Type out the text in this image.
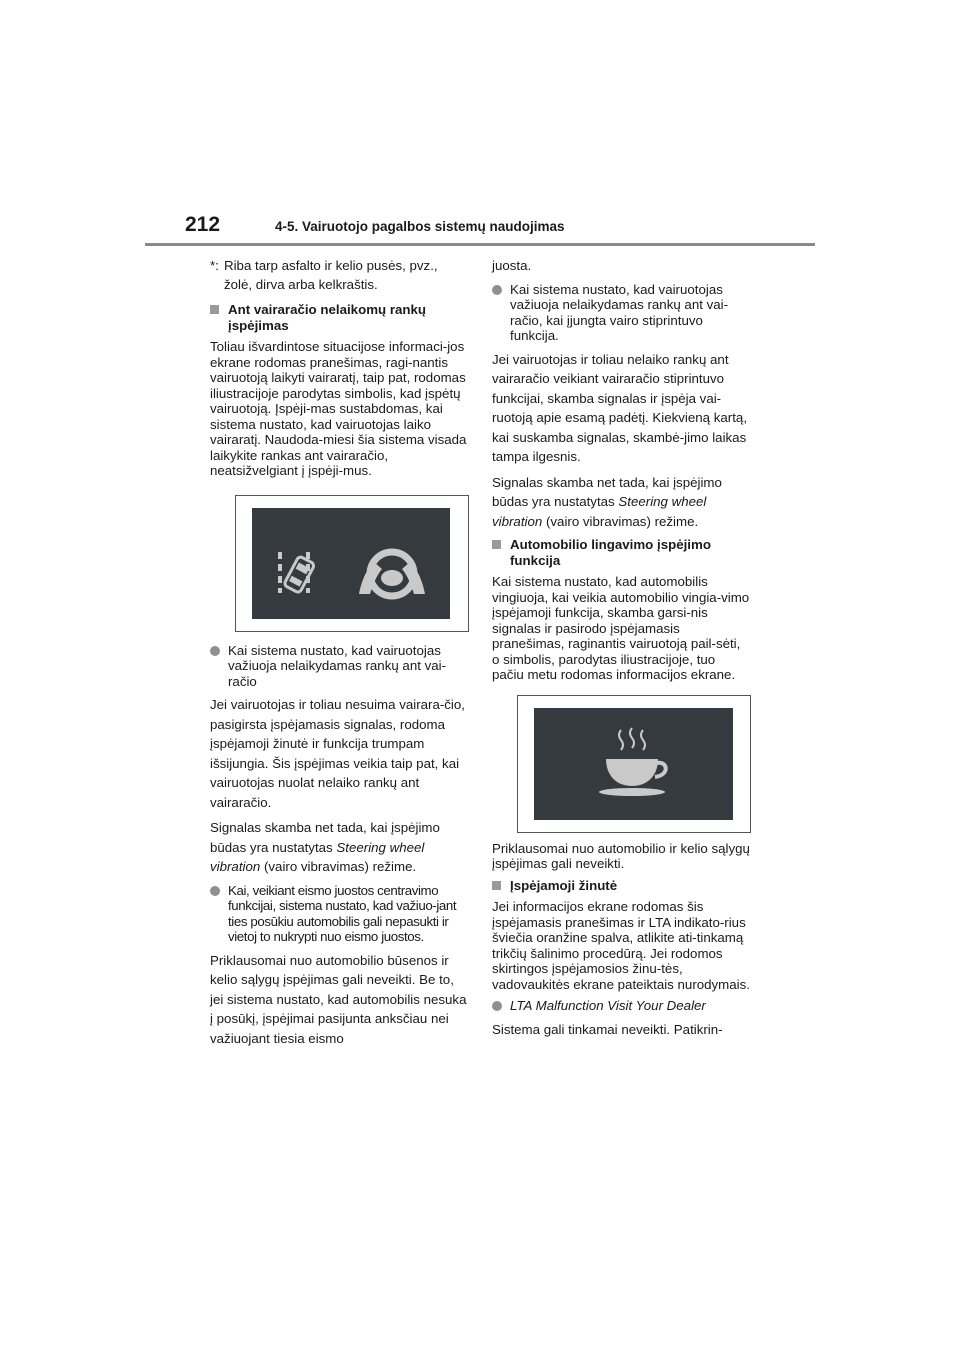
212	4-5. Vairuotojo pagalbos sistemų naudojimas

*: Riba tarp asfalto ir kelio pusės, pvz.,
žolė, dirva arba kelkraštis.

Ant vairaračio nelaikomų rankų įspėjimas

Toliau išvardintose situacijose informaci-jos ekrane rodomas pranešimas, ragi-nantis vairuotoją laikyti vairaratį, taip pat, rodomas iliustracijoje parodytas simbolis, kad įspėtų vairuotoją. Įspėji-mas sustabdomas, kai sistema nustato, kad vairuotojas laiko vairaratį. Naudoda-miesi šia sistema visada laikykite rankas ant vairaračio, neatsižvelgiant į įspėji-mus.

Kai sistema nustato, kad vairuotojas važiuoja nelaikydamas rankų ant vai-račio

Jei vairuotojas ir toliau nesuima vairara-čio, pasigirsta įspėjamasis signalas, rodoma įspėjamoji žinutė ir funkcija trumpam išsijungia. Šis įspėjimas veikia taip pat, kai vairuotojas nuolat nelaiko rankų ant vairaračio.

Signalas skamba net tada, kai įspėjimo būdas yra nustatytas Steering wheel vibration (vairo vibravimas) režime.

Kai, veikiant eismo juostos centravimo funkcijai, sistema nustato, kad važiuo-jant ties posūkiu automobilis gali nepasukti ir vietoj to nukrypti nuo eismo juostos.

Priklausomai nuo automobilio būsenos ir kelio sąlygų įspėjimas gali neveikti. Be to, jei sistema nustato, kad automobilis nesuka į posūkį, įspėjimai pasijunta anksčiau nei važiuojant tiesia eismo

juosta.

Kai sistema nustato, kad vairuotojas važiuoja nelaikydamas rankų ant vai-račio, kai įjungta vairo stiprintuvo funkcija.

Jei vairuotojas ir toliau nelaiko rankų ant vairaračio veikiant vairaračio stiprintuvo funkcijai, skamba signalas ir įspėja vai-ruotoją apie esamą padėtį. Kiekvieną kartą, kai suskamba signalas, skambė-jimo laikas tampa ilgesnis.

Signalas skamba net tada, kai įspėjimo būdas yra nustatytas Steering wheel vibration (vairo vibravimas) režime.

Automobilio lingavimo įspėjimo funkcija

Kai sistema nustato, kad automobilis vingiuoja, kai veikia automobilio vingia-vimo įspėjamoji funkcija, skamba garsi-nis signalas ir pasirodo įspėjamasis pranešimas, raginantis vairuotoją pail-sėti, o simbolis, parodytas iliustracijoje, tuo pačiu metu rodomas informacijos ekrane.

Priklausomai nuo automobilio ir kelio sąlygų įspėjimas gali neveikti.

Įspėjamoji žinutė

Jei informacijos ekrane rodomas šis įspėjamasis pranešimas ir LTA indikato-rius šviečia oranžine spalva, atlikite ati-tinkamą trikčių šalinimo procedūrą. Jei rodomos skirtingos įspėjamosios žinu-tės, vadovaukitės ekrane pateiktais nurodymais.

LTA Malfunction Visit Your Dealer

Sistema gali tinkamai neveikti. Patikrin-
